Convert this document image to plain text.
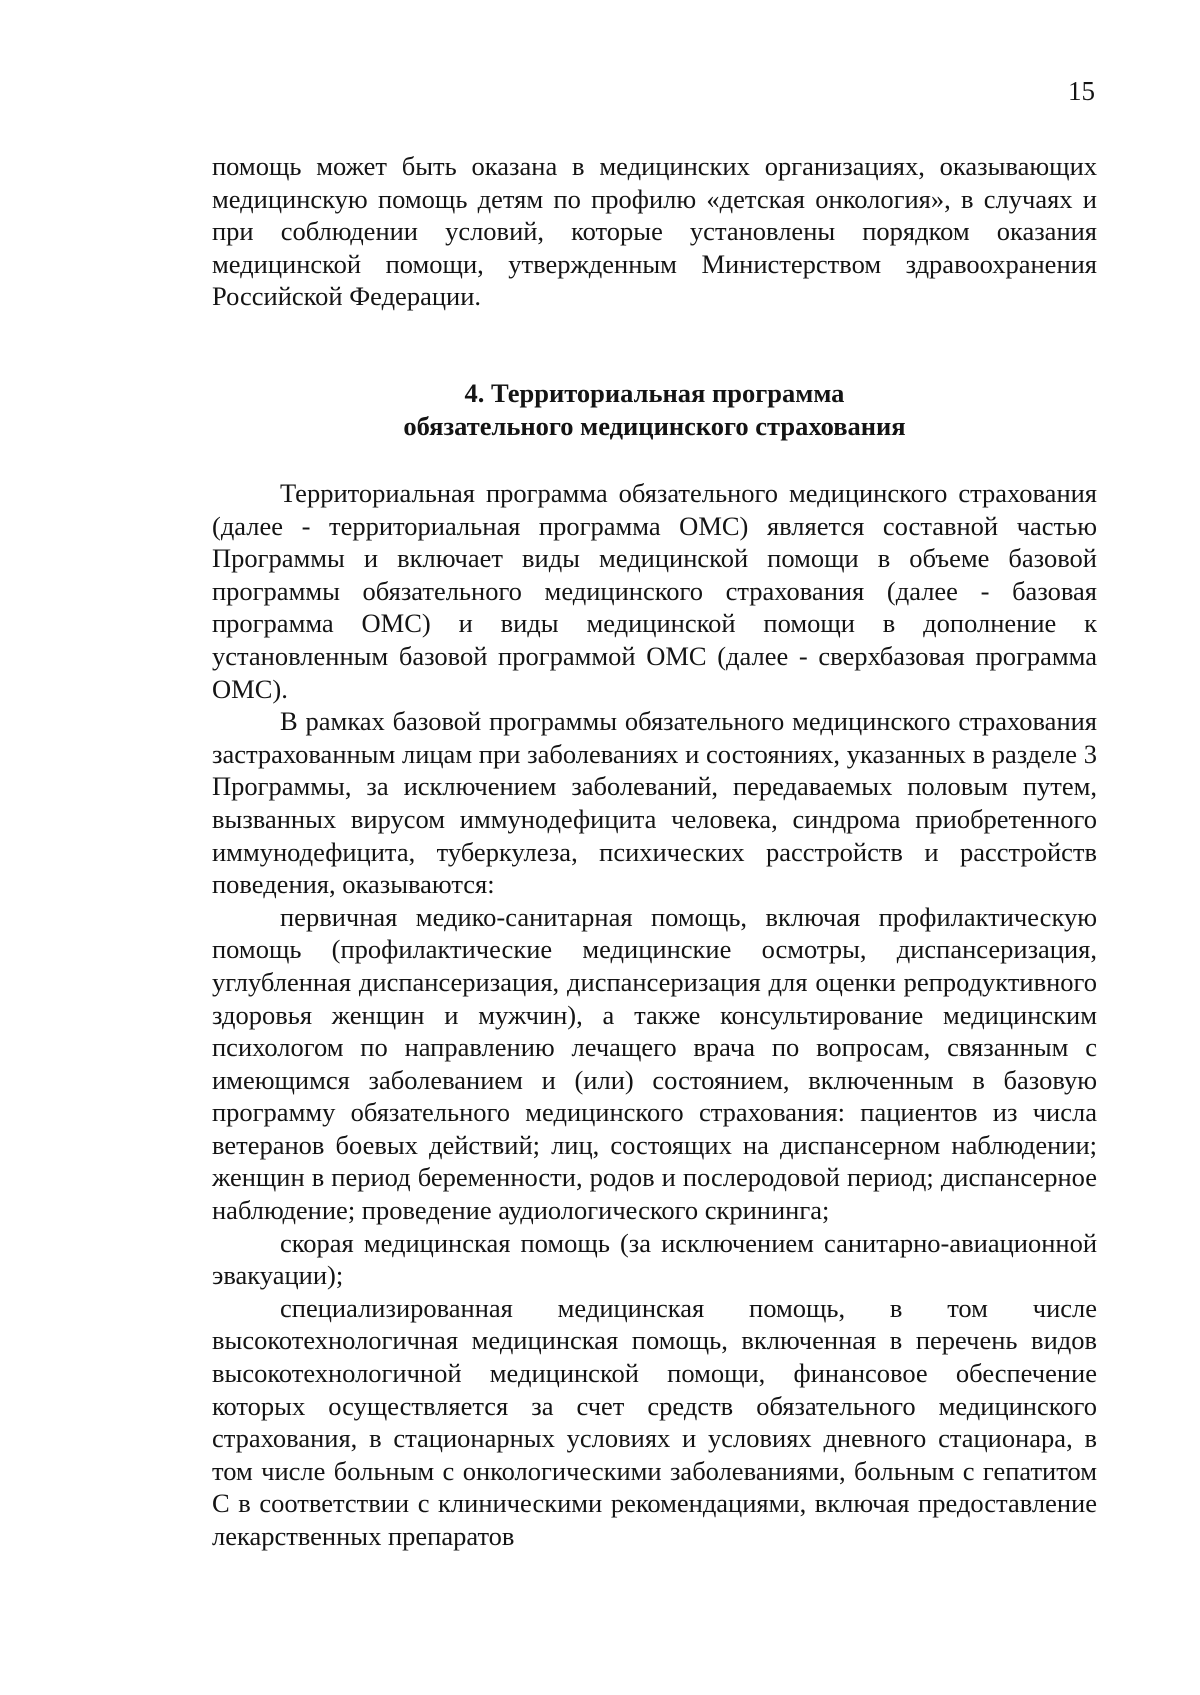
15

помощь может быть оказана в медицинских организациях, оказывающих медицинскую помощь детям по профилю «детская онкология», в случаях и при соблюдении условий, которые установлены порядком оказания медицинской помощи, утвержденным Министерством здравоохранения Российской Федерации.

4. Территориальная программа
обязательного медицинского страхования

Территориальная программа обязательного медицинского страхования (далее - территориальная программа ОМС) является составной частью Программы и включает виды медицинской помощи в объеме базовой программы обязательного медицинского страхования (далее - базовая программа ОМС) и виды медицинской помощи в дополнение к установленным базовой программой ОМС (далее - сверхбазовая программа ОМС).

В рамках базовой программы обязательного медицинского страхования застрахованным лицам при заболеваниях и состояниях, указанных в разделе 3 Программы, за исключением заболеваний, передаваемых половым путем, вызванных вирусом иммунодефицита человека, синдрома приобретенного иммунодефицита, туберкулеза, психических расстройств и расстройств поведения, оказываются:

первичная медико-санитарная помощь, включая профилактическую помощь (профилактические медицинские осмотры, диспансеризация, углубленная диспансеризация, диспансеризация для оценки репродуктивного здоровья женщин и мужчин), а также консультирование медицинским психологом по направлению лечащего врача по вопросам, связанным с имеющимся заболеванием и (или) состоянием, включенным в базовую программу обязательного медицинского страхования: пациентов из числа ветеранов боевых действий; лиц, состоящих на диспансерном наблюдении; женщин в период беременности, родов и послеродовой период; диспансерное наблюдение; проведение аудиологического скрининга;

скорая медицинская помощь (за исключением санитарно-авиационной эвакуации);

специализированная медицинская помощь, в том числе высокотехнологичная медицинская помощь, включенная в перечень видов высокотехнологичной медицинской помощи, финансовое обеспечение которых осуществляется за счет средств обязательного медицинского страхования, в стационарных условиях и условиях дневного стационара, в том числе больным с онкологическими заболеваниями, больным с гепатитом С в соответствии с клиническими рекомендациями, включая предоставление лекарственных препаратов
